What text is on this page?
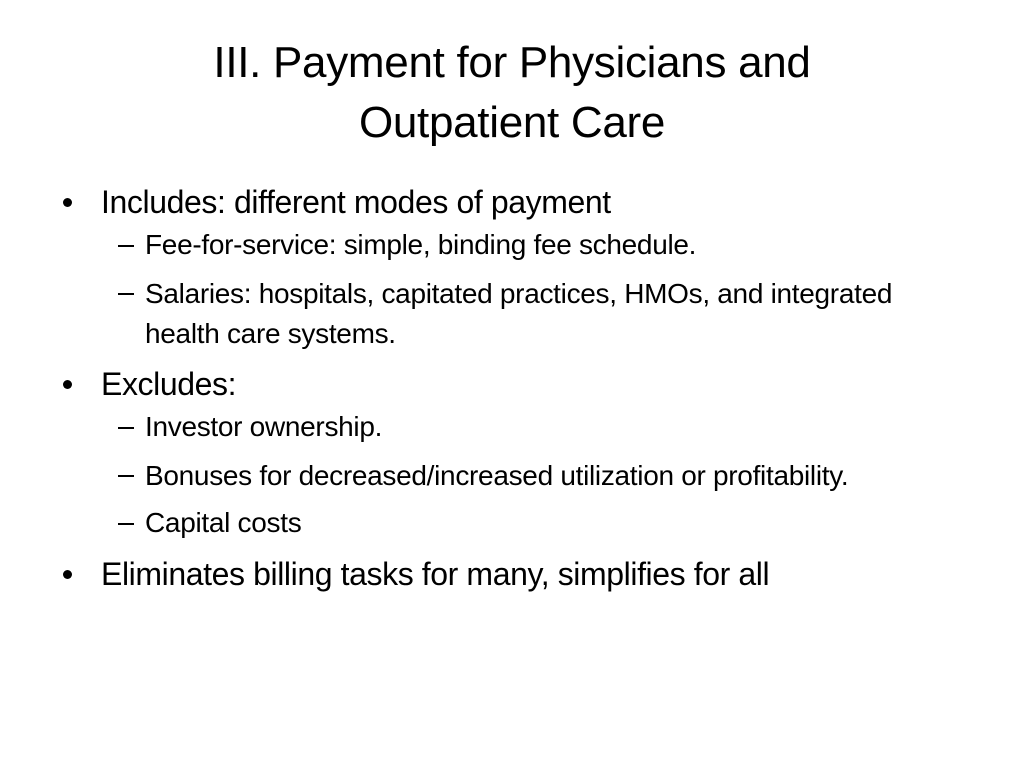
III. Payment for Physicians and
Outpatient Care
Includes: different modes of payment
Fee-for-service: simple, binding fee schedule.
Salaries: hospitals, capitated practices, HMOs, and integrated health care systems.
Excludes:
Investor ownership.
Bonuses for decreased/increased utilization or profitability.
Capital costs
Eliminates billing tasks for many, simplifies for all
